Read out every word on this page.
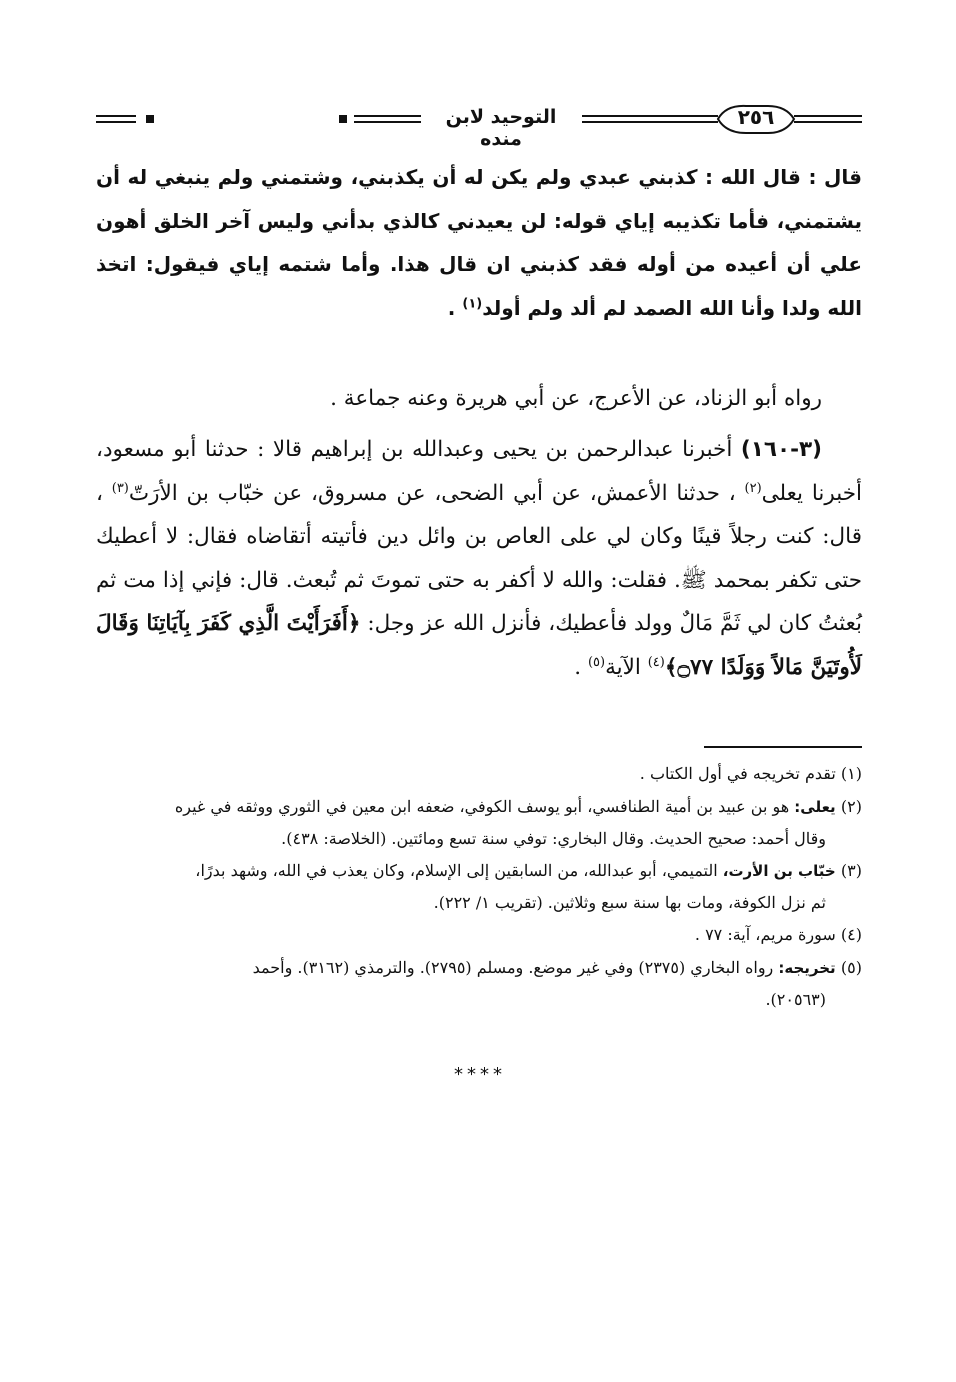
التوحيد لابن منده
٢٥٦

قال : قال الله : كذبني عبدي ولم يكن له أن يكذبني، وشتمني ولم ينبغي له أن يشتمني، فأما تكذيبه إياي قوله: لن يعيدني كالذي بدأني وليس آخر الخلق أهون علي أن أعيده من أوله فقد كذبني ان قال هذا. وأما شتمه إياي فيقول: اتخذ الله ولدا وأنا الله الصمد لم ألد ولم أولد$^{(١)}$ .

رواه أبو الزناد، عن الأعرج، عن أبي هريرة وعنه جماعة .

(٣-١٦٠) أخبرنا عبدالرحمن بن يحيى وعبدالله بن إبراهيم قالا : حدثنا أبو مسعود، أخبرنا يعلى$^{(٢)}$ ، حدثنا الأعمش، عن أبي الضحى، عن مسروق، عن خبّاب بن الأرَتّ$^{(٣)}$ ، قال: كنت رجلاً قينًا وكان لي على العاص بن وائل دين فأتيته أتقاضاه فقال: لا أعطيك حتى تكفر بمحمد ﷺ. فقلت: والله لا أكفر به حتى تموتَ ثم تُبعث. قال: فإني إذا مت ثم بُعثتُ كان لي ثَمَّ مَالٌ وولد فأعطيك، فأنزل الله عز وجل: ﴿أَفَرَأَيْتَ الَّذِي كَفَرَ بِآيَاتِنَا وَقَالَ لَأُوتَيَنَّ مَالاً وَوَلَدًا ۝٧٧﴾$^{(٤)}$ الآية$^{(٥)}$ .

(١) تقدم تخريجه في أول الكتاب .

(٢) يعلى: هو بن عبيد بن أمية الطنافسي، أبو يوسف الكوفي، ضعفه ابن معين في الثوري ووثقه في غيره
وقال أحمد: صحيح الحديث. وقال البخاري: توفي سنة تسع ومائتين. (الخلاصة: ٤٣٨).

(٣) خبّاب بن الأرت، التميمي، أبو عبدالله، من السابقين إلى الإسلام، وكان يعذب في الله، وشهد بدرًا،
ثم نزل الكوفة، ومات بها سنة سبع وثلاثين. (تقريب ١/ ٢٢٢).

(٤) سورة مريم، آية: ٧٧ .

(٥) تخريجه: رواه البخاري (٢٣٧٥) وفي غير موضع. ومسلم (٢٧٩٥). والترمذي (٣١٦٢). وأحمد
(٢٠٥٦٣).

****
